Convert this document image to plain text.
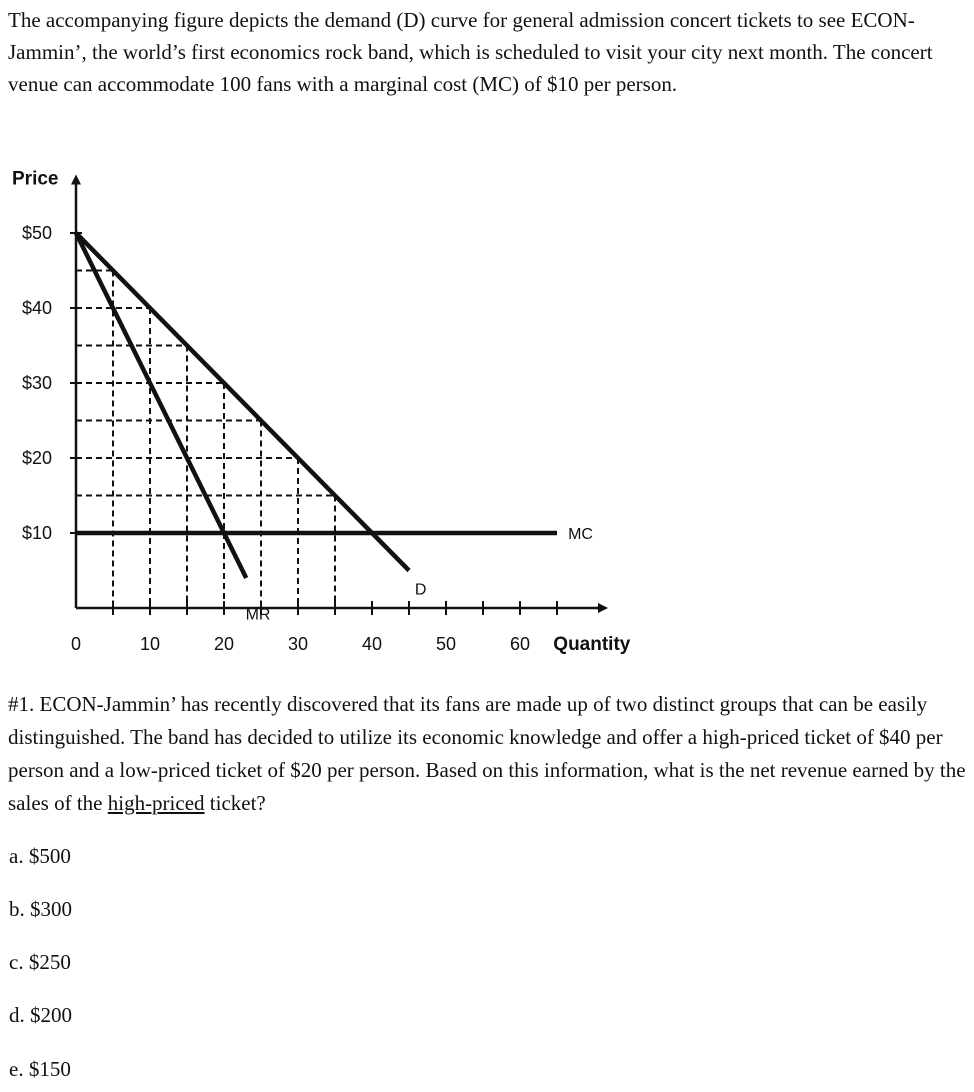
The accompanying figure depicts the demand (D) curve for general admission concert tickets to see ECON-Jammin’, the world’s first economics rock band, which is scheduled to visit your city next month. The concert venue can accommodate 100 fans with a marginal cost (MC) of $10 per person.

0	10	20	30	40	50	60
$10
$20
$30
$40
$50
Price
Quantity
D
MR
MC

#1. ECON-Jammin’ has recently discovered that its fans are made up of two distinct groups that can be easily distinguished. The band has decided to utilize its economic knowledge and offer a high-priced ticket of $40 per person and a low-priced ticket of $20 per person. Based on this information, what is the net revenue earned by the sales of the high-priced ticket?

a. $500
b. $300
c. $250
d. $200
e. $150
